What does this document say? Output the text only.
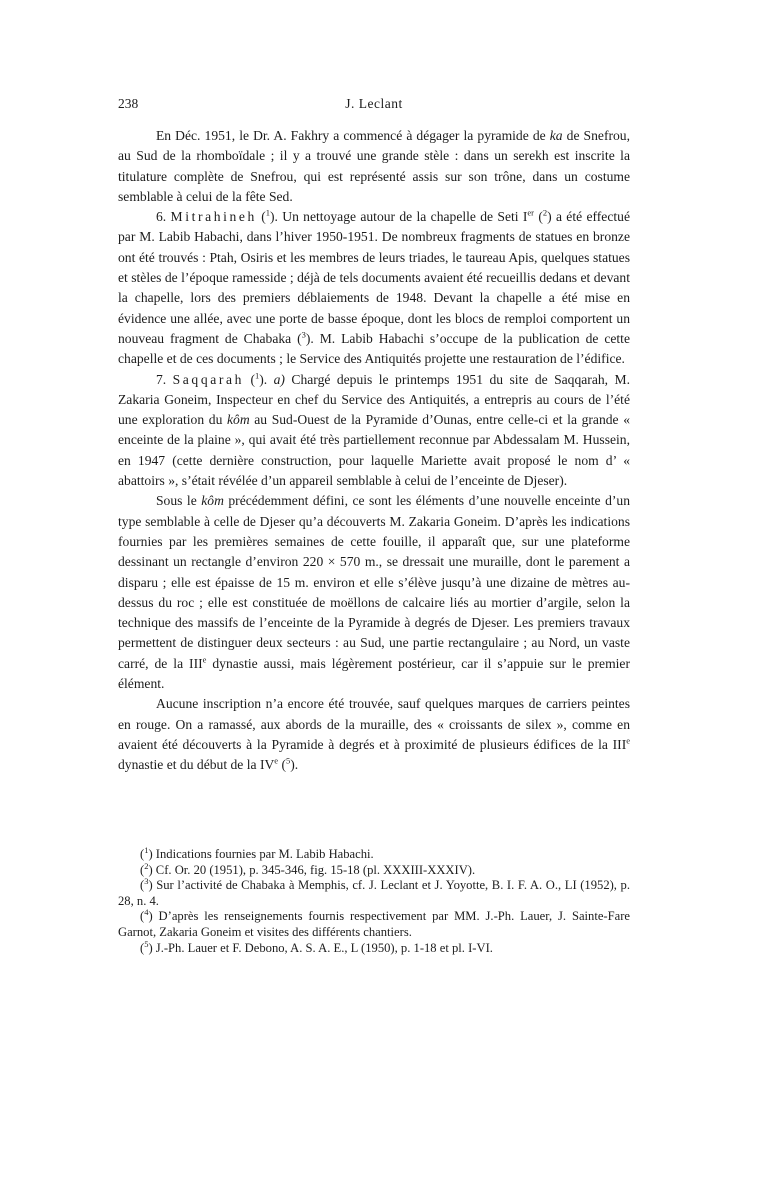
238	J. Leclant

En Déc. 1951, le Dr. A. Fakhry a commencé à dégager la pyramide de ka de Snefrou, au Sud de la rhomboïdale ; il y a trouvé une grande stèle : dans un serekh est inscrite la titulature complète de Snefrou, qui est représenté assis sur son trône, dans un costume semblable à celui de la fête Sed.

6. Mitrahineh ($^1$). Un nettoyage autour de la chapelle de Seti Ier ($^2$) a été effectué par M. Labib Habachi, dans l’hiver 1950-1951. De nombreux fragments de statues en bronze ont été trouvés : Ptah, Osiris et les membres de leurs triades, le taureau Apis, quelques statues et stèles de l’époque ramesside ; déjà de tels documents avaient été recueillis dedans et devant la chapelle, lors des premiers déblaiements de 1948. Devant la chapelle a été mise en évidence une allée, avec une porte de basse époque, dont les blocs de remploi comportent un nouveau fragment de Chabaka ($^3$). M. Labib Habachi s’occupe de la publication de cette chapelle et de ces documents ; le Service des Antiquités projette une restauration de l’édifice.

7. Saqqarah ($^1$). a) Chargé depuis le printemps 1951 du site de Saqqarah, M. Zakaria Goneim, Inspecteur en chef du Service des Antiquités, a entrepris au cours de l’été une exploration du kôm au Sud-Ouest de la Pyramide d’Ounas, entre celle-ci et la grande « enceinte de la plaine », qui avait été très partiellement reconnue par Abdessalam M. Hussein, en 1947 (cette dernière construction, pour laquelle Mariette avait proposé le nom d’ « abattoirs », s’était révélée d’un appareil semblable à celui de l’enceinte de Djeser).

Sous le kôm précédemment défini, ce sont les éléments d’une nouvelle enceinte d’un type semblable à celle de Djeser qu’a découverts M. Zakaria Goneim. D’après les indications fournies par les premières semaines de cette fouille, il apparaît que, sur une plateforme dessinant un rectangle d’environ 220 × 570 m., se dressait une muraille, dont le parement a disparu ; elle est épaisse de 15 m. environ et elle s’élève jusqu’à une dizaine de mètres au-dessus du roc ; elle est constituée de moëllons de calcaire liés au mortier d’argile, selon la technique des massifs de l’enceinte de la Pyramide à degrés de Djeser. Les premiers travaux permettent de distinguer deux secteurs : au Sud, une partie rectangulaire ; au Nord, un vaste carré, de la IIIe dynastie aussi, mais légèrement postérieur, car il s’appuie sur le premier élément.

Aucune inscription n’a encore été trouvée, sauf quelques marques de carriers peintes en rouge. On a ramassé, aux abords de la muraille, des « croissants de silex », comme en avaient été découverts à la Pyramide à degrés et à proximité de plusieurs édifices de la IIIe dynastie et du début de la IVe ($^5$).

($^1$) Indications fournies par M. Labib Habachi.

($^2$) Cf. Or. 20 (1951), p. 345-346, fig. 15-18 (pl. XXXIII-XXXIV).

($^3$) Sur l’activité de Chabaka à Memphis, cf. J. Leclant et J. Yoyotte, B. I. F. A. O., LI (1952), p. 28, n. 4.

($^4$) D’après les renseignements fournis respectivement par MM. J.-Ph. Lauer, J. Sainte-Fare Garnot, Zakaria Goneim et visites des différents chantiers.

($^5$) J.-Ph. Lauer et F. Debono, A. S. A. E., L (1950), p. 1-18 et pl. I-VI.
